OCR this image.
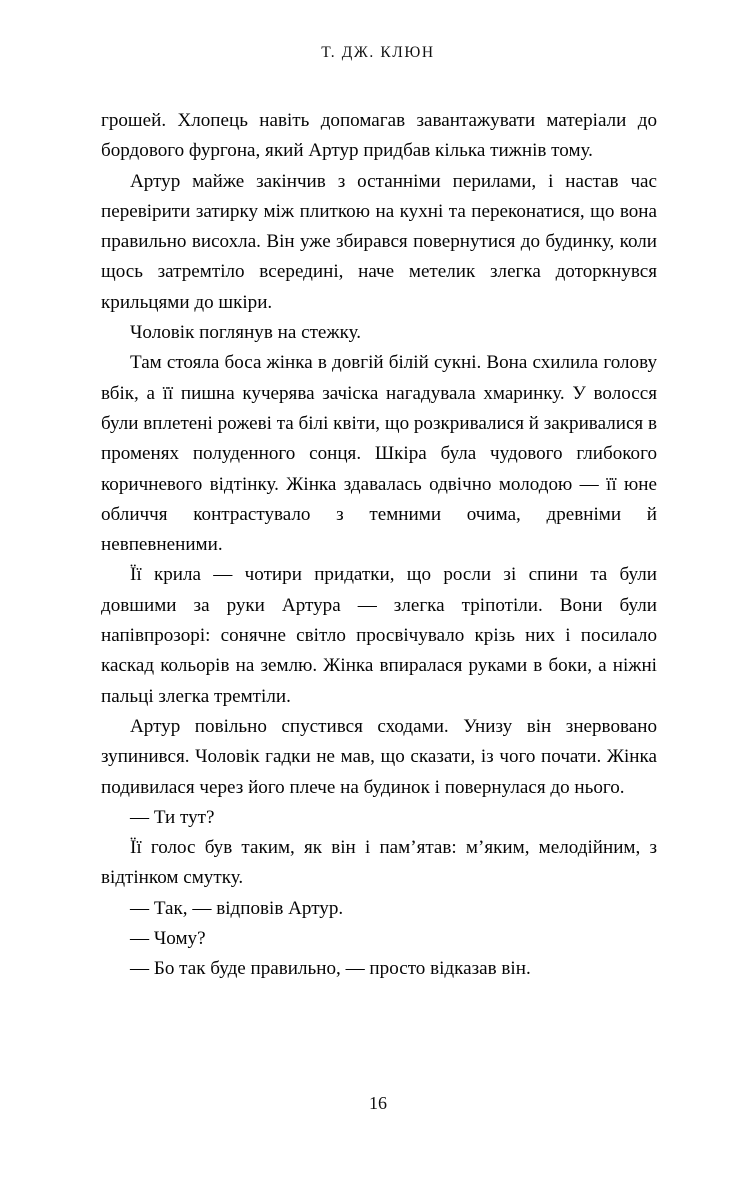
Т. ДЖ. КЛЮН

грошей. Хлопець навіть допомагав завантажувати матеріали до бордового фургона, який Артур придбав кілька тижнів тому.

Артур майже закінчив з останніми перилами, і настав час перевірити затирку між плиткою на кухні та переконатися, що вона правильно висохла. Він уже збирався повернутися до будинку, коли щось затремтіло всередині, наче метелик злегка доторкнувся крильцями до шкіри.

Чоловік поглянув на стежку.

Там стояла боса жінка в довгій білій сукні. Вона схилила голову вбік, а її пишна кучерява зачіска нагадувала хмаринку. У волосся були вплетені рожеві та білі квіти, що розкривалися й закривалися в променях полуденного сонця. Шкіра була чудового глибокого коричневого відтінку. Жінка здавалась одвічно молодою — її юне обличчя контрастувало з темними очима, древніми й невпевненими.

Її крила — чотири придатки, що росли зі спини та були довшими за руки Артура — злегка тріпотіли. Вони були напівпрозорі: сонячне світло просвічувало крізь них і посилало каскад кольорів на землю. Жінка впиралася руками в боки, а ніжні пальці злегка тремтіли.

Артур повільно спустився сходами. Унизу він знервовано зупинився. Чоловік гадки не мав, що сказати, із чого почати. Жінка подивилася через його плече на будинок і повернулася до нього.

— Ти тут?

Її голос був таким, як він і пам’ятав: м’яким, мелодійним, з відтінком смутку.

— Так, — відповів Артур.

— Чому?

— Бо так буде правильно, — просто відказав він.

16
